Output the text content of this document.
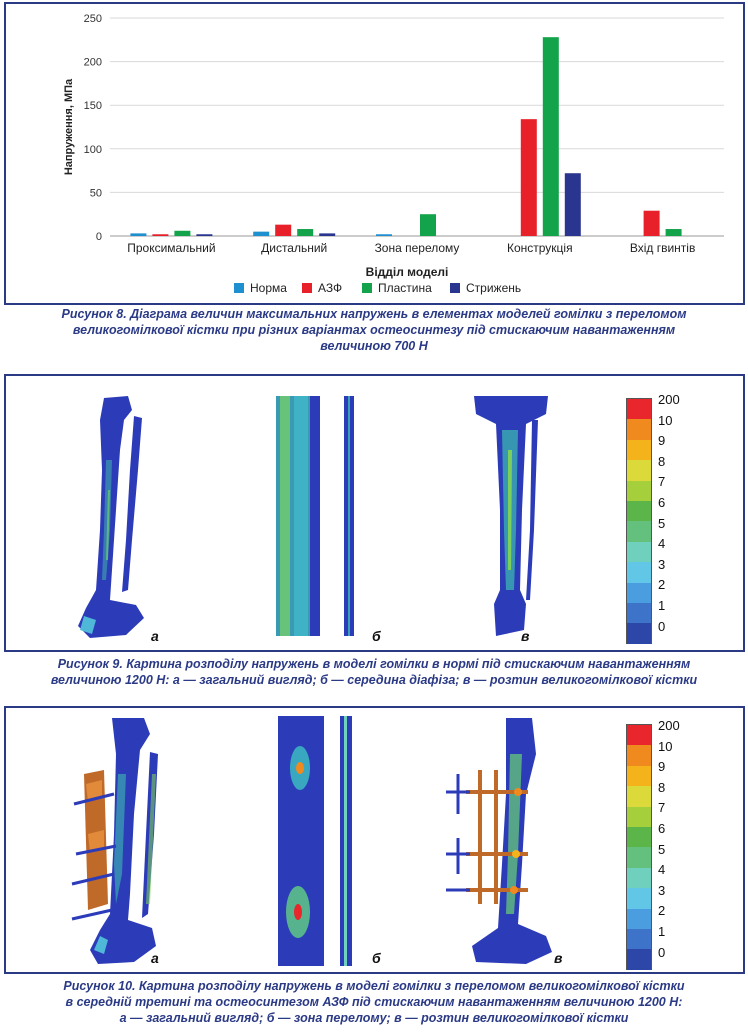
0
50
100
150
200
250
Напруження, МПа
Проксимальний	Дистальний	Зона перелому	Конструкція	Вхід гвинтів
Відділ моделі
Норма	АЗФ	Пластина	Стрижень
Рисунок 8. Діаграма величин максимальних напружень в елементах моделей гомілки з переломом
великогомілкової кістки при різних варіантах остеосинтезу під стискаючим навантаженням
величиною 700 Н
а	б	в
200
10
9
8
7
6
5
4
3
2
1
0
Рисунок 9. Картина розподілу напружень в моделі гомілки в нормі під стискаючим навантаженням
величиною 1200 Н: а — загальний вигляд; б — середина діафіза; в — розтин великогомілкової кістки
а	б	в
200
10
9
8
7
6
5
4
3
2
1
0
Рисунок 10. Картина розподілу напружень в моделі гомілки з переломом великогомілкової кістки
в середній третині та остеосинтезом АЗФ під стискаючим навантаженням величиною 1200 Н:
а — загальний вигляд; б — зона перелому; в — розтин великогомілкової кістки
